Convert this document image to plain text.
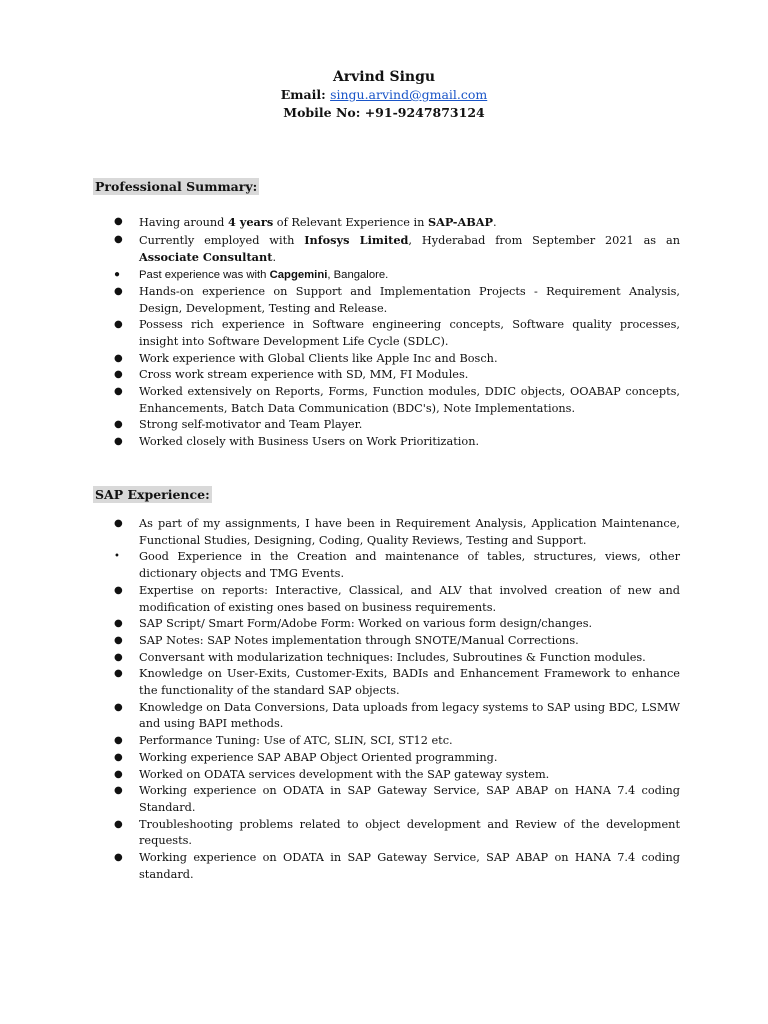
Arvind Singu
Email: singu.arvind@gmail.com
Mobile No: +91-9247873124
Professional Summary:
● Having around 4 years of Relevant Experience in SAP-ABAP.
● Currently employed with Infosys Limited, Hyderabad from September 2021 as an Associate Consultant.
● Past experience was with Capgemini, Bangalore.
● Hands-on experience on Support and Implementation Projects - Requirement Analysis, Design, Development, Testing and Release.
● Possess rich experience in Software engineering concepts, Software quality processes, insight into Software Development Life Cycle (SDLC).
● Work experience with Global Clients like Apple Inc and Bosch.
● Cross work stream experience with SD, MM, FI Modules.
● Worked extensively on Reports, Forms, Function modules, DDIC objects, OOABAP concepts, Enhancements, Batch Data Communication (BDC's), Note Implementations.
● Strong self-motivator and Team Player.
● Worked closely with Business Users on Work Prioritization.
SAP Experience:
● As part of my assignments, I have been in Requirement Analysis, Application Maintenance, Functional Studies, Designing, Coding, Quality Reviews, Testing and Support.
• Good Experience in the Creation and maintenance of tables, structures, views, other dictionary objects and TMG Events.
● Expertise on reports: Interactive, Classical, and ALV that involved creation of new and modification of existing ones based on business requirements.
● SAP Script/ Smart Form/Adobe Form: Worked on various form design/changes.
● SAP Notes: SAP Notes implementation through SNOTE/Manual Corrections.
● Conversant with modularization techniques: Includes, Subroutines & Function modules.
● Knowledge on User-Exits, Customer-Exits, BADIs and Enhancement Framework to enhance the functionality of the standard SAP objects.
● Knowledge on Data Conversions, Data uploads from legacy systems to SAP using BDC, LSMW and using BAPI methods.
● Performance Tuning: Use of ATC, SLIN, SCI, ST12 etc.
● Working experience SAP ABAP Object Oriented programming.
● Worked on ODATA services development with the SAP gateway system.
● Working experience on ODATA in SAP Gateway Service, SAP ABAP on HANA 7.4 coding Standard.
● Troubleshooting problems related to object development and Review of the development requests.
● Working experience on ODATA in SAP Gateway Service, SAP ABAP on HANA 7.4 coding standard.
